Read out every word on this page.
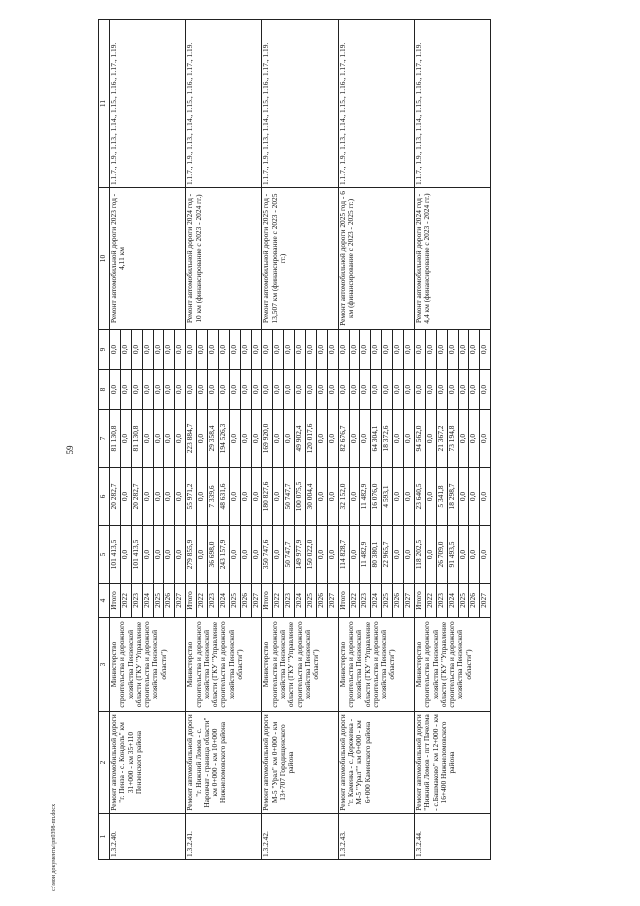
59
1	2	3	4	5	6	7	8	9	10	11
1.3.2.40.	Ремонт автомобильной дороги "г. Пенза - с. Кондоль" км 31+000 - км 35+110 Пензенского района	Министерство строительства и дорожного хозяйства Пензенской области (ГКУ "Управление строительства и дорожного хозяйства Пензенской области")	Итого	101 413,5	20 282,7	81 130,8	0,0	0,0	Ремонт автомобильной дороги 2023 год - 4,11 км	1.1.7., 1.9., 1.13., 1.14., 1.15., 1.16., 1.17., 1.19.
			2022	0,0	0,0	0,0	0,0	0,0		
			2023	101 413,5	20 282,7	81 130,8	0,0	0,0		
			2024	0,0	0,0	0,0	0,0	0,0		
			2025	0,0	0,0	0,0	0,0	0,0		
			2026	0,0	0,0	0,0	0,0	0,0		
			2027	0,0	0,0	0,0	0,0	0,0		
1.3.2.41.	Ремонт автомобильной дороги "г. Нижний Ломов - с. Наровчат - граница области" км 0+000 - км 10+000 Нижнеломовского района	Министерство строительства и дорожного хозяйства Пензенской области (ГКУ "Управление строительства и дорожного хозяйства Пензенской области")	Итого	279 855,9	55 971,2	223 884,7	0,0	0,0	Ремонт автомобильной дороги 2024 год - 10 км (финансирование с 2023 - 2024 гг.)	1.1.7., 1.9., 1.13., 1.14., 1.15., 1.16., 1.17., 1.19.
			2022	0,0	0,0	0,0	0,0	0,0		
			2023	36 698,0	7 339,6	29 358,4	0,0	0,0		
			2024	243 157,9	48 631,6	194 526,3	0,0	0,0		
			2025	0,0	0,0	0,0	0,0	0,0		
			2026	0,0	0,0	0,0	0,0	0,0		
			2027	0,0	0,0	0,0	0,0	0,0		
1.3.2.42.	Ремонт автомобильной дороги М-5 "Урал" км 0+000 - км 13+707 Городищенского района	Министерство строительства и дорожного хозяйства Пензенской области (ГКУ "Управление строительства и дорожного хозяйства Пензенской области")	Итого	350 747,6	180 827,6	169 920,0	0,0	0,0	Ремонт автомобильной дороги 2025 год - 13,507 км (финансирование с 2023 - 2025 гг.)	1.1.7., 1.9., 1.13., 1.14., 1.15., 1.16., 1.17., 1.19.
			2022	0,0	0,0	0,0	0,0	0,0		
			2023	50 747,7	50 747,7	0,0	0,0	0,0		
			2024	149 977,9	100 075,5	49 902,4	0,0	0,0		
			2025	150 022,0	30 004,4	120 017,6	0,0	0,0		
			2026	0,0	0,0	0,0	0,0	0,0		
			2027	0,0	0,0	0,0	0,0	0,0		
1.3.2.43.	Ремонт автомобильной дороги "г. Каменка - с. Дережевка - М-5 "Урал"" км 0+000 - км 6+000 Каменского района	Министерство строительства и дорожного хозяйства Пензенской области (ГКУ "Управление строительства и дорожного хозяйства Пензенской области")	Итого	114 828,7	32 152,0	82 676,7	0,0	0,0	Ремонт автомобильной дороги 2025 год - 6 км (финансирование с 2023 - 2025 гг.)	1.1.7., 1.9., 1.13., 1.14., 1.15., 1.16., 1.17., 1.19.
			2022	0,0	0,0	0,0	0,0	0,0		
			2023	11 482,9	11 482,9	0,0	0,0	0,0		
			2024	80 380,1	16 076,0	64 304,1	0,0	0,0		
			2025	22 965,7	4 593,1	18 372,6	0,0	0,0		
			2026	0,0	0,0	0,0	0,0	0,0		
			2027	0,0	0,0	0,0	0,0	0,0		
1.3.2.44.	Ремонт автомобильной дороги "Нижний Ломов - пгт Пачелма - с.Башмаково" км 12+000 - км 16+400 Нижнеломовского района	Министерство строительства и дорожного хозяйства Пензенской области (ГКУ "Управление строительства и дорожного хозяйства Пензенской области")	Итого	118 202,5	23 640,5	94 562,0	0,0	0,0	Ремонт автомобильной дороги 2024 год - 4,4 км (финансирование с 2023 - 2024 гг.)	1.1.7., 1.9., 1.13., 1.14., 1.15., 1.16., 1.17., 1.19.
			2022	0,0	0,0	0,0	0,0	0,0		
			2023	26 709,0	5 341,8	21 367,2	0,0	0,0		
			2024	91 493,5	18 298,7	73 194,8	0,0	0,0		
			2025	0,0	0,0	0,0	0,0	0,0		
			2026	0,0	0,0	0,0	0,0	0,0		
			2027	0,0	0,0	0,0	0,0	0,0		
c:\мои документы\рп0398-пп.docx
